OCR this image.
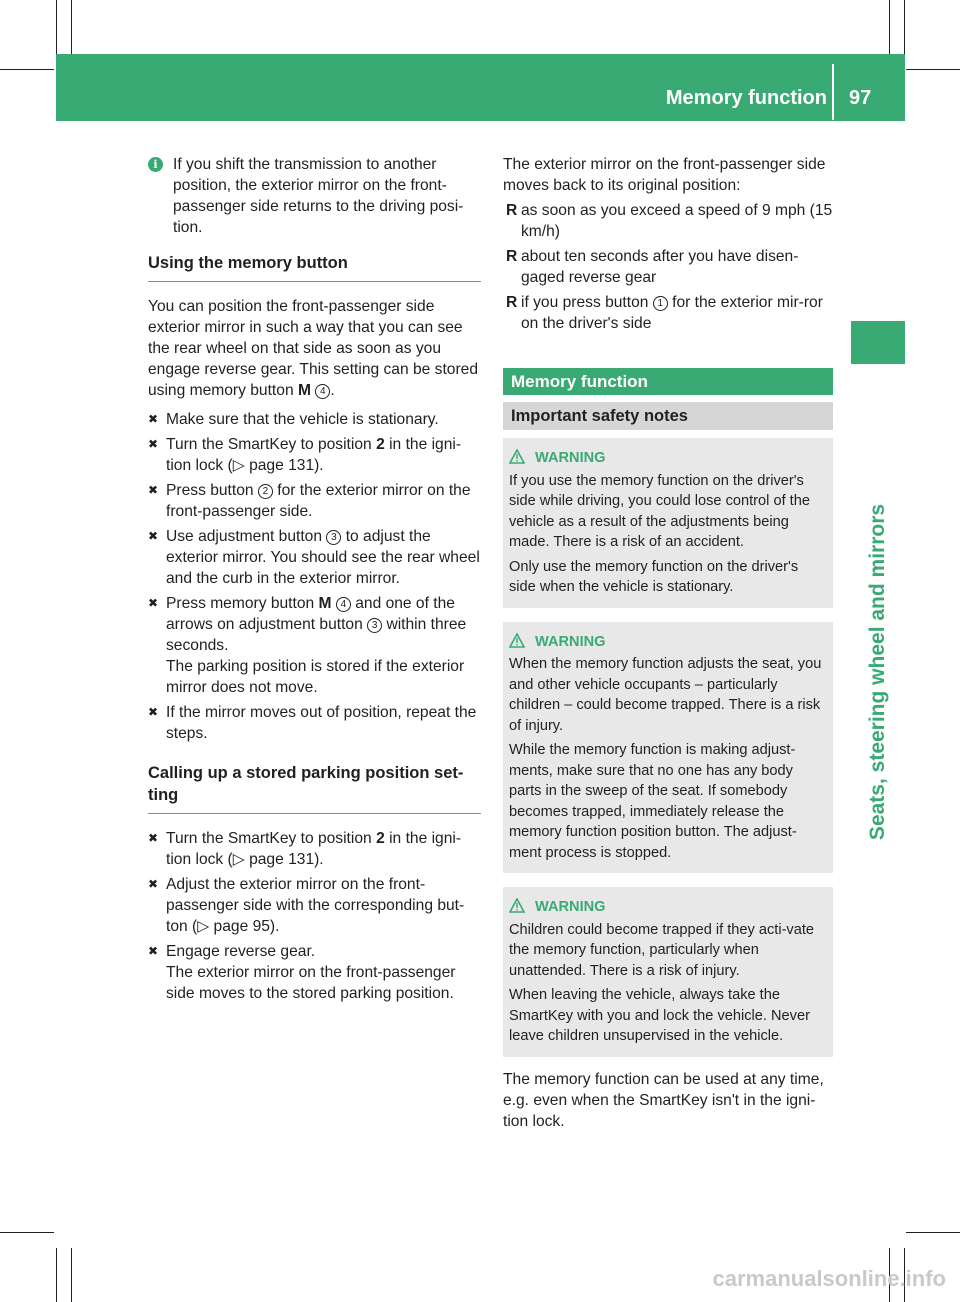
Memory function 97
Seats, steering wheel and mirrors
i If you shift the transmission to another position, the exterior mirror on the front-passenger side returns to the driving posi-tion.
Using the memory button

You can position the front-passenger side exterior mirror in such a way that you can see the rear wheel on that side as soon as you engage reverse gear. This setting can be stored using memory button M 4 .

✖ Make sure that the vehicle is stationary.
✖ Turn the SmartKey to position 2 in the igni-tion lock (▷ page 131).
✖ Press button 2 for the exterior mirror on the front-passenger side.
✖ Use adjustment button 3 to adjust the exterior mirror. You should see the rear wheel and the curb in the exterior mirror.
✖ Press memory button M 4 and one of the arrows on adjustment button 3 within three seconds.
The parking position is stored if the exterior mirror does not move.
✖ If the mirror moves out of position, repeat the steps.
Calling up a stored parking position set-ting
✖ Turn the SmartKey to position 2 in the igni-tion lock (▷ page 131).
✖ Adjust the exterior mirror on the front-passenger side with the corresponding but-ton (▷ page 95).
✖ Engage reverse gear.
The exterior mirror on the front-passenger side moves to the stored parking position.

The exterior mirror on the front-passenger side moves back to its original position:

R as soon as you exceed a speed of 9 mph (15 km/h)
R about ten seconds after you have disen-gaged reverse gear
R if you press button 1 for the exterior mir-ror on the driver's side
Memory function
Important safety notes
WARNING

If you use the memory function on the driver's side while driving, you could lose control of the vehicle as a result of the adjustments being made. There is a risk of an accident.

Only use the memory function on the driver's side when the vehicle is stationary.

WARNING

When the memory function adjusts the seat, you and other vehicle occupants – particularly children – could become trapped. There is a risk of injury.

While the memory function is making adjust-ments, make sure that no one has any body parts in the sweep of the seat. If somebody becomes trapped, immediately release the memory function position button. The adjust-ment process is stopped.

WARNING

Children could become trapped if they acti-vate the memory function, particularly when unattended. There is a risk of injury.

When leaving the vehicle, always take the SmartKey with you and lock the vehicle. Never leave children unsupervised in the vehicle.

The memory function can be used at any time, e.g. even when the SmartKey isn't in the igni-tion lock.

carmanualsonline.info
